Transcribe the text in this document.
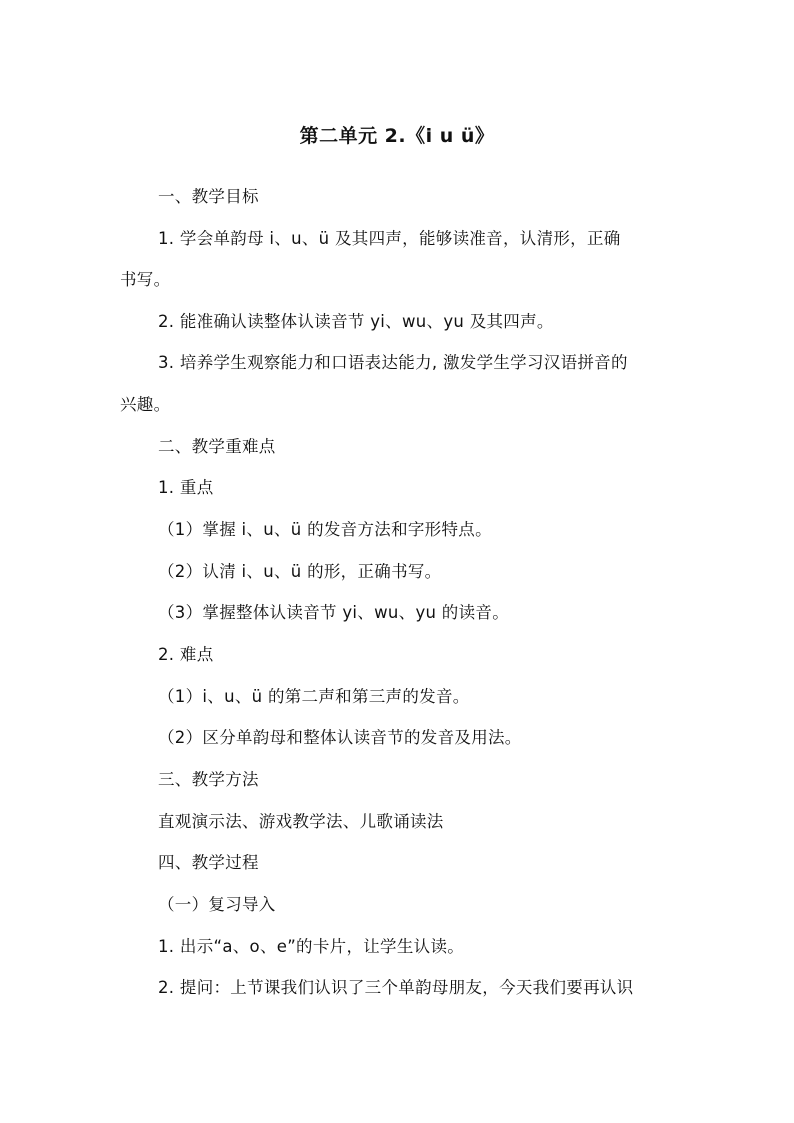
第二单元 2.《i u ü》
一、教学目标
1. 学会单韵母 i、u、ü 及其四声，能够读准音，认清形，正确
书写。
2. 能准确认读整体认读音节 yi、wu、yu 及其四声。
3. 培养学生观察能力和口语表达能力, 激发学生学习汉语拼音的
兴趣。
二、教学重难点
1. 重点
（1）掌握 i、u、ü 的发音方法和字形特点。
（2）认清 i、u、ü 的形，正确书写。
（3）掌握整体认读音节 yi、wu、yu 的读音。
2. 难点
（1）i、u、ü 的第二声和第三声的发音。
（2）区分单韵母和整体认读音节的发音及用法。
三、教学方法
直观演示法、游戏教学法、儿歌诵读法
四、教学过程
（一）复习导入
1. 出示“a、o、e”的卡片，让学生认读。
2. 提问：上节课我们认识了三个单韵母朋友，今天我们要再认识
